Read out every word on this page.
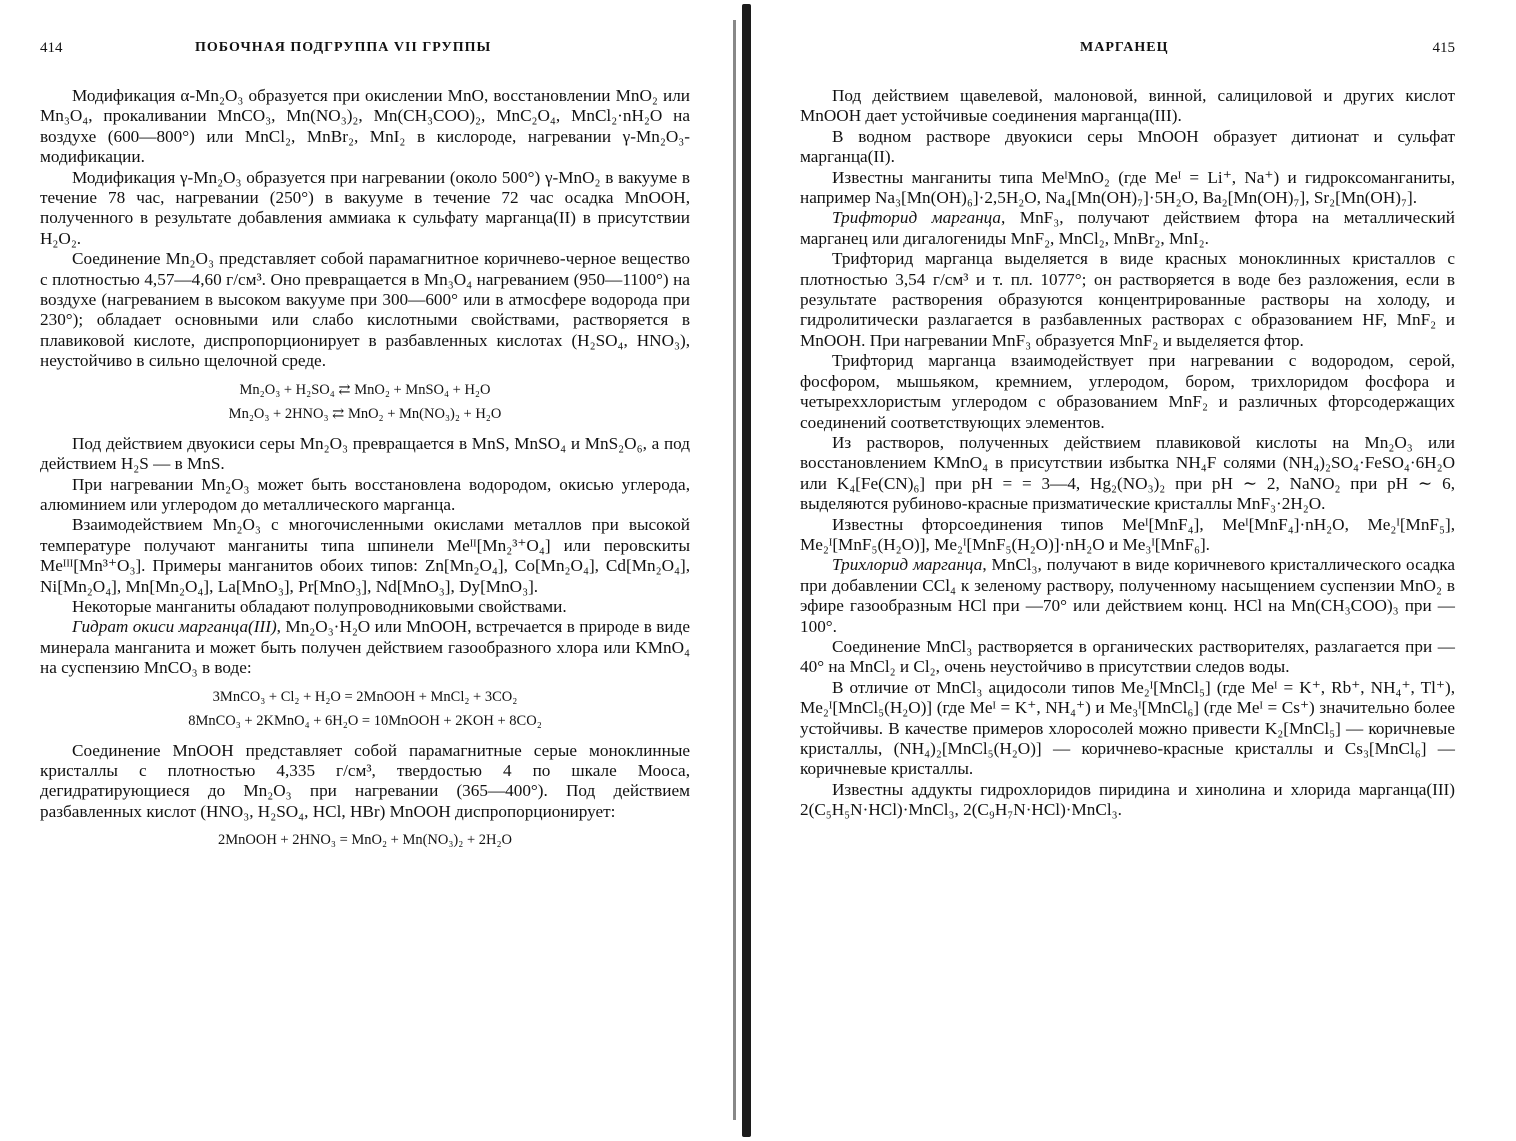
414	ПОБОЧНАЯ ПОДГРУППА VII ГРУППЫ

Модификация α-Mn₂O₃ образуется при окислении MnO, восстановлении MnO₂ или Mn₃O₄, прокаливании MnCO₃, Mn(NO₃)₂, Mn(CH₃COO)₂, MnC₂O₄, MnCl₂·nH₂O на воздухе (600—800°) или MnCl₂, MnBr₂, MnI₂ в кислороде, нагревании γ-Mn₂O₃-модификации.

Модификация γ-Mn₂O₃ образуется при нагревании (около 500°) γ-MnO₂ в вакууме в течение 78 час, нагревании (250°) в вакууме в течение 72 час осадка MnOOH, полученного в результате добавления аммиака к сульфату марганца(II) в присутствии H₂O₂.

Соединение Mn₂O₃ представляет собой парамагнитное коричнево-черное вещество с плотностью 4,57—4,60 г/см³. Оно превращается в Mn₃O₄ нагреванием (950—1100°) на воздухе (нагреванием в высоком вакууме при 300—600° или в атмосфере водорода при 230°); обладает основными или слабо кислотными свойствами, растворяется в плавиковой кислоте, диспропорционирует в разбавленных кислотах (H₂SO₄, HNO₃), неустойчиво в сильно щелочной среде.

Mn₂O₃ + H₂SO₄ ⇄ MnO₂ + MnSO₄ + H₂O

Mn₂O₃ + 2HNO₃ ⇄ MnO₂ + Mn(NO₃)₂ + H₂O

Под действием двуокиси серы Mn₂O₃ превращается в MnS, MnSO₄ и MnS₂O₆, а под действием H₂S — в MnS.

При нагревании Mn₂O₃ может быть восстановлена водородом, окисью углерода, алюминием или углеродом до металлического марганца.

Взаимодействием Mn₂O₃ с многочисленными окислами металлов при высокой температуре получают манганиты типа шпинели Meᴵᴵ[Mn₂³⁺O₄] или перовскиты Meᴵᴵᴵ[Mn³⁺O₃]. Примеры манганитов обоих типов: Zn[Mn₂O₄], Co[Mn₂O₄], Cd[Mn₂O₄], Ni[Mn₂O₄], Mn[Mn₂O₄], La[MnO₃], Pr[MnO₃], Nd[MnO₃], Dy[MnO₃].

Некоторые манганиты обладают полупроводниковыми свойствами.

Гидрат окиси марганца(III), Mn₂O₃·H₂O или MnOOH, встречается в природе в виде минерала манганита и может быть получен действием газообразного хлора или KMnO₄ на суспензию MnCO₃ в воде:

3MnCO₃ + Cl₂ + H₂O = 2MnOOH + MnCl₂ + 3CO₂

8MnCO₃ + 2KMnO₄ + 6H₂O = 10MnOOH + 2KOH + 8CO₂

Соединение MnOOH представляет собой парамагнитные серые моноклинные кристаллы с плотностью 4,335 г/см³, твердостью 4 по шкале Мооса, дегидратирующиеся до Mn₂O₃ при нагревании (365—400°). Под действием разбавленных кислот (HNO₃, H₂SO₄, HCl, HBr) MnOOH диспропорционирует:

2MnOOH + 2HNO₃ = MnO₂ + Mn(NO₃)₂ + 2H₂O

МАРГАНЕЦ	415

Под действием щавелевой, малоновой, винной, салициловой и других кислот MnOOH дает устойчивые соединения марганца(III).

В водном растворе двуокиси серы MnOOH образует дитионат и сульфат марганца(II).

Известны манганиты типа MeᴵMnO₂ (где Meᴵ = Li⁺, Na⁺) и гидроксоманганиты, например Na₃[Mn(OH)₆]·2,5H₂O, Na₄[Mn(OH)₇]·5H₂O, Ba₂[Mn(OH)₇], Sr₂[Mn(OH)₇].

Трифторид марганца, MnF₃, получают действием фтора на металлический марганец или дигалогениды MnF₂, MnCl₂, MnBr₂, MnI₂.

Трифторид марганца выделяется в виде красных моноклинных кристаллов с плотностью 3,54 г/см³ и т. пл. 1077°; он растворяется в воде без разложения, если в результате растворения образуются концентрированные растворы на холоду, и гидролитически разлагается в разбавленных растворах с образованием HF, MnF₂ и MnOOH. При нагревании MnF₃ образуется MnF₂ и выделяется фтор.

Трифторид марганца взаимодействует при нагревании с водородом, серой, фосфором, мышьяком, кремнием, углеродом, бором, трихлоридом фосфора и четыреххлористым углеродом с образованием MnF₂ и различных фторсодержащих соединений соответствующих элементов.

Из растворов, полученных действием плавиковой кислоты на Mn₂O₃ или восстановлением KMnO₄ в присутствии избытка NH₄F солями (NH₄)₂SO₄·FeSO₄·6H₂O или K₄[Fe(CN)₆] при pH = = 3—4, Hg₂(NO₃)₂ при pH ∼ 2, NaNO₂ при pH ∼ 6, выделяются рубиново-красные призматические кристаллы MnF₃·2H₂O.

Известны фторсоединения типов Meᴵ[MnF₄], Meᴵ[MnF₄]·nH₂O, Me₂ᴵ[MnF₅], Me₂ᴵ[MnF₅(H₂O)], Me₂ᴵ[MnF₅(H₂O)]·nH₂O и Me₃ᴵ[MnF₆].

Трихлорид марганца, MnCl₃, получают в виде коричневого кристаллического осадка при добавлении CCl₄ к зеленому раствору, полученному насыщением суспензии MnO₂ в эфире газообразным HCl при —70° или действием конц. HCl на Mn(CH₃COO)₃ при —100°.

Соединение MnCl₃ растворяется в органических растворителях, разлагается при —40° на MnCl₂ и Cl₂, очень неустойчиво в присутствии следов воды.

В отличие от MnCl₃ ацидосоли типов Me₂ᴵ[MnCl₅] (где Meᴵ = K⁺, Rb⁺, NH₄⁺, Tl⁺), Me₂ᴵ[MnCl₅(H₂O)] (где Meᴵ = K⁺, NH₄⁺) и Me₃ᴵ[MnCl₆] (где Meᴵ = Cs⁺) значительно более устойчивы. В качестве примеров хлоросолей можно привести K₂[MnCl₅] — коричневые кристаллы, (NH₄)₂[MnCl₅(H₂O)] — коричнево-красные кристаллы и Cs₃[MnCl₆] — коричневые кристаллы.

Известны аддукты гидрохлоридов пиридина и хинолина и хлорида марганца(III) 2(C₅H₅N·HCl)·MnCl₃, 2(C₉H₇N·HCl)·MnCl₃.
